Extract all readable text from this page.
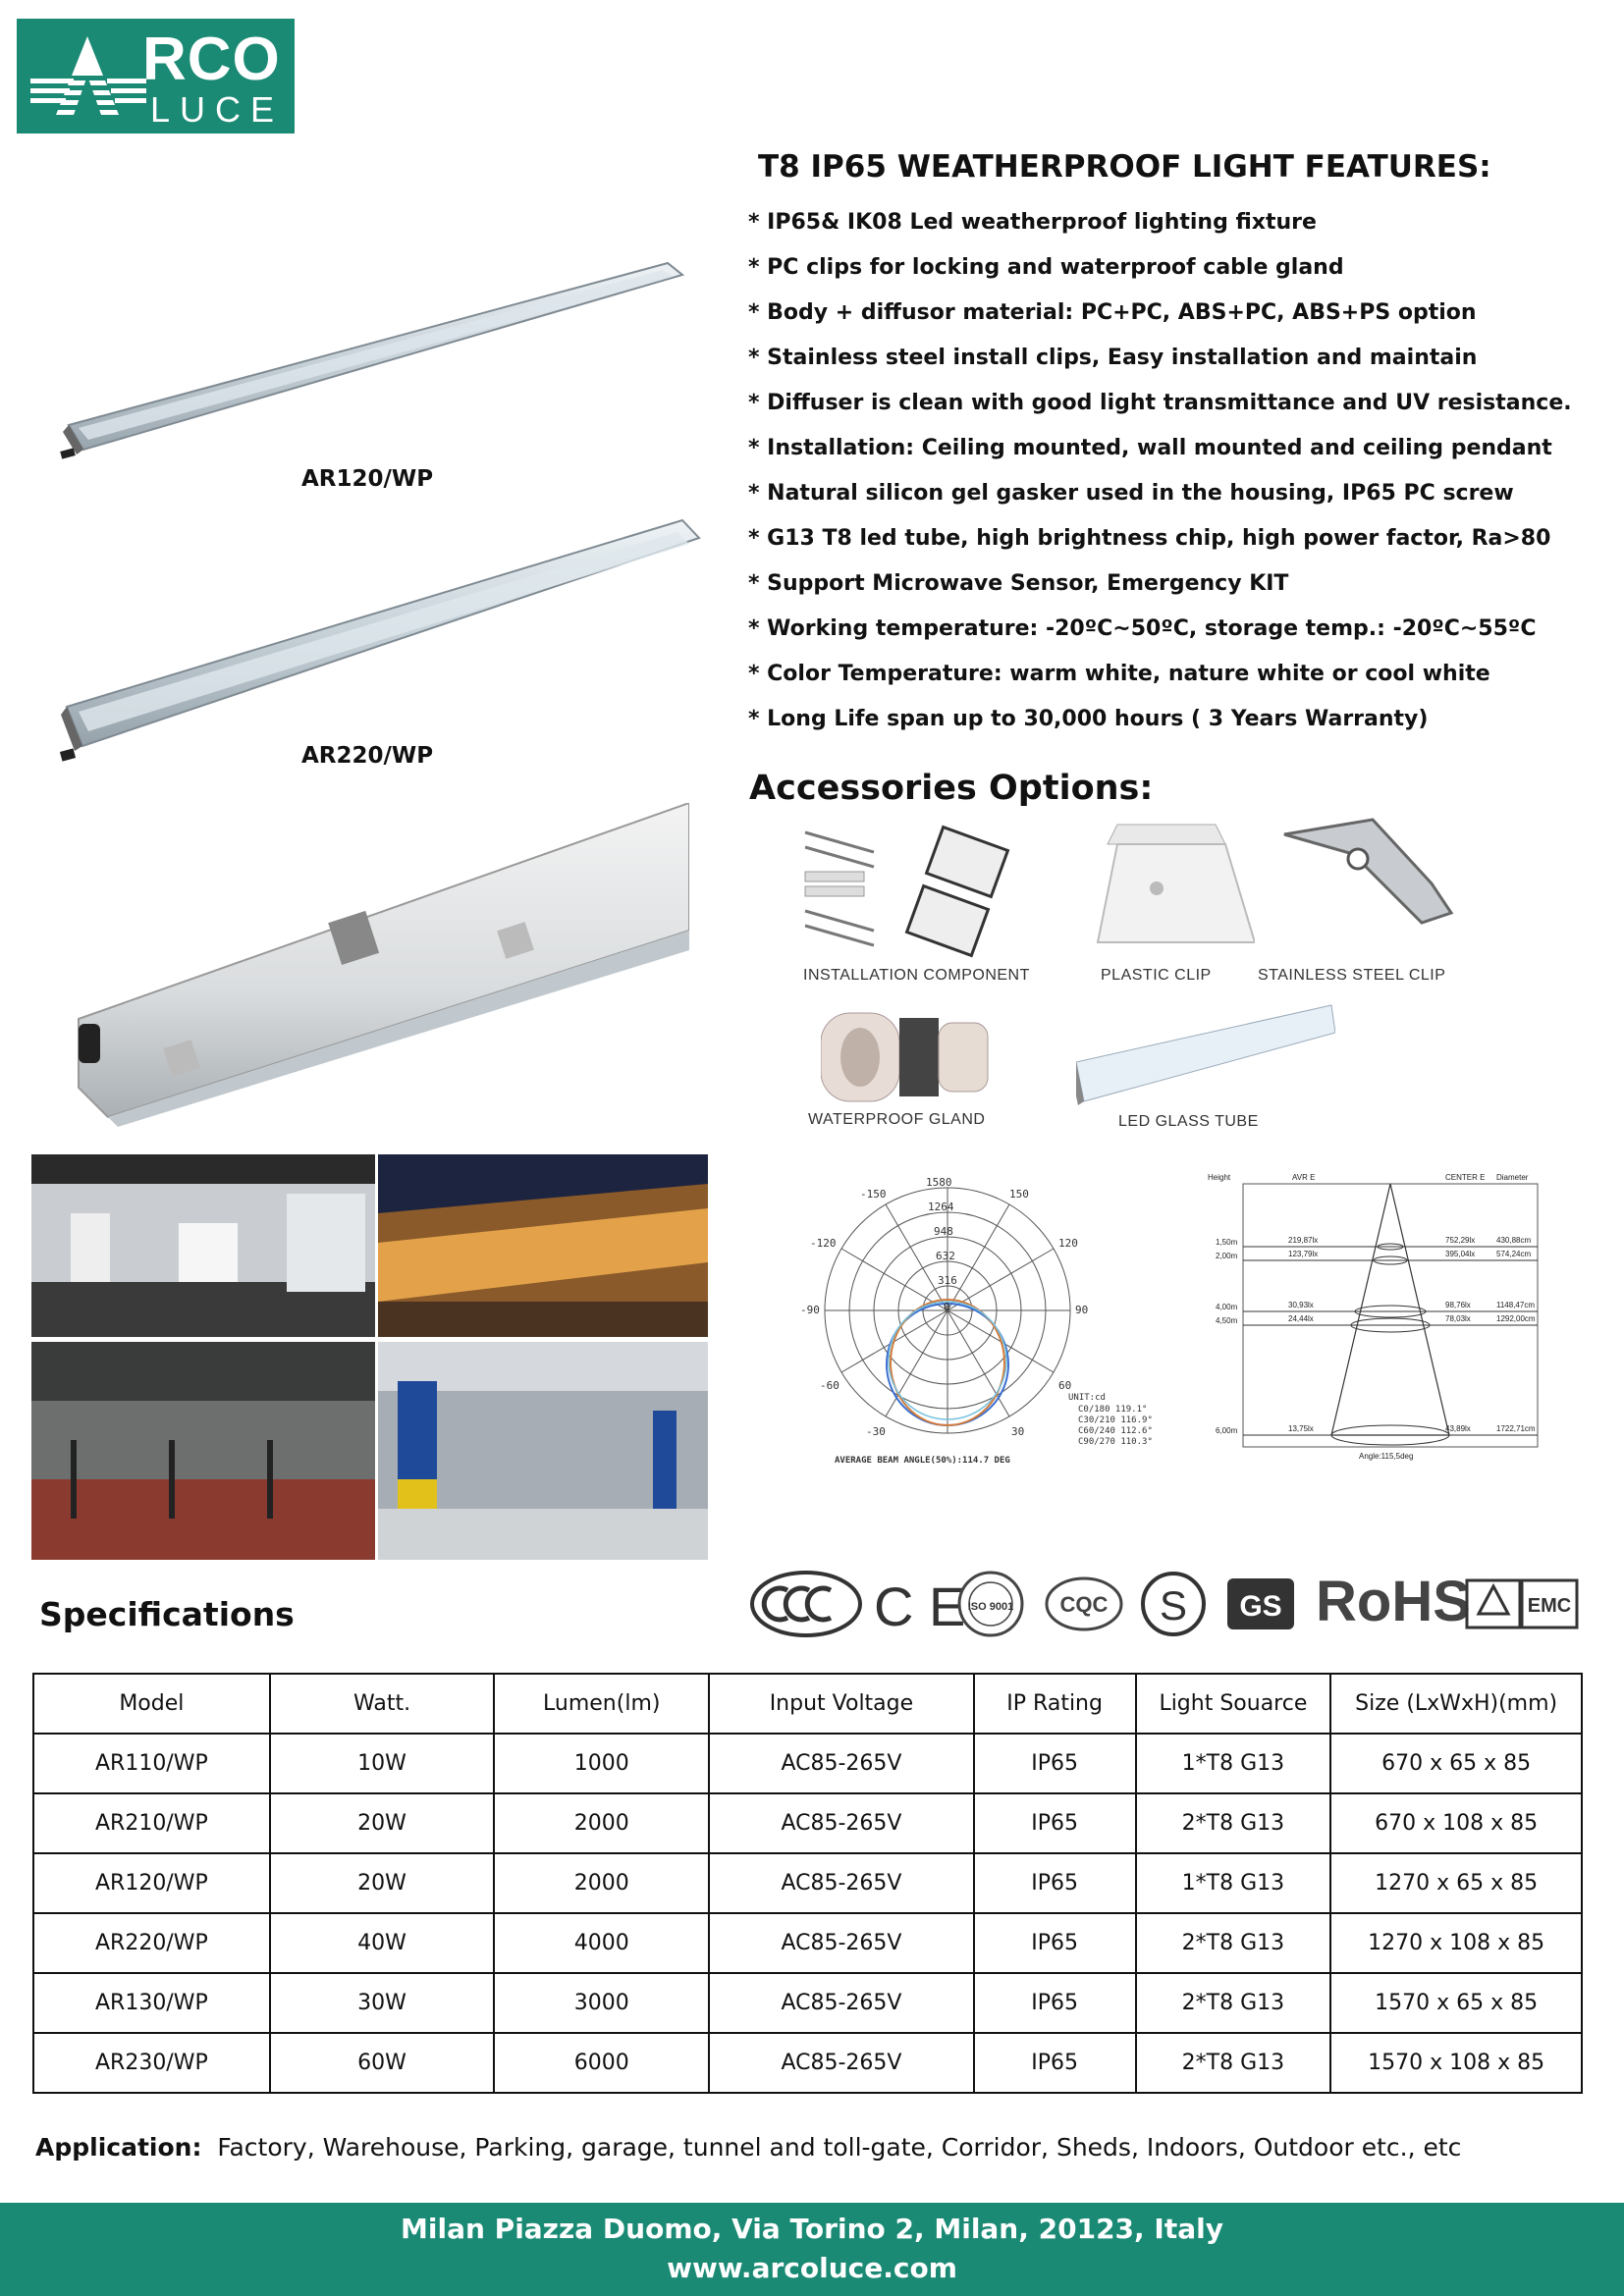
RCO
LUCE
T8 IP65 WEATHERPROOF LIGHT FEATURES:
* IP65& IK08 Led weatherproof lighting fixture
* PC clips for locking and waterproof cable gland
* Body + diffusor material: PC+PC, ABS+PC, ABS+PS option
* Stainless steel install clips, Easy installation and maintain
* Diffuser is clean with good light transmittance and UV resistance.
* Installation: Ceiling mounted, wall mounted and ceiling pendant
* Natural silicon gel gasker used in the housing, IP65 PC screw
* G13 T8 led tube, high brightness chip, high power factor, Ra>80
* Support Microwave Sensor, Emergency KIT
* Working temperature: -20ºC~50ºC, storage temp.: -20ºC~55ºC
* Color Temperature: warm white, nature white or cool white
* Long Life span up to 30,000 hours ( 3 Years Warranty)
AR120/WP
AR220/WP
Accessories Options:
INSTALLATION COMPONENT	PLASTIC CLIP	STAINLESS STEEL CLIP
WATERPROOF GLAND	LED GLASS TUBE
1580
1264
948
632
316
-150	150
-120	120
-90	90
-60	60
-30	30
0
UNIT:cd
C0/180 119.1°
C30/210 116.9°
C60/240 112.6°
C90/270 110.3°
AVERAGE BEAM ANGLE(50%):114.7 DEG
Height	AVR E	CENTER E Diameter
1,50m	219,87lx	752,29lx	430,88cm
2,00m	123,79lx	395,04lx	574,24cm
4,00m	30,93lx	98,76lx	1148,47cm
4,50m	24,44lx	78,03lx	1292,00cm
6,00m	13,75lx	43,89lx	1722,71cm
Angle:115,5deg
C E ISO 9001 CQC S GS RoHS	EMC
Specifications
Model	Watt.	Lumen(lm)	Input Voltage	IP Rating	Light Souarce	Size (LxWxH)(mm)
AR110/WP	10W	1000	AC85-265V	IP65	1*T8 G13	670 x 65 x 85
AR210/WP	20W	2000	AC85-265V	IP65	2*T8 G13	670 x 108 x 85
AR120/WP	20W	2000	AC85-265V	IP65	1*T8 G13	1270 x 65 x 85
AR220/WP	40W	4000	AC85-265V	IP65	2*T8 G13	1270 x 108 x 85
AR130/WP	30W	3000	AC85-265V	IP65	2*T8 G13	1570 x 65 x 85
AR230/WP	60W	6000	AC85-265V	IP65	2*T8 G13	1570 x 108 x 85
Application: Factory, Warehouse, Parking, garage, tunnel and toll-gate, Corridor, Sheds, Indoors, Outdoor etc., etc
Milan Piazza Duomo, Via Torino 2, Milan, 20123, Italy
www.arcoluce.com
